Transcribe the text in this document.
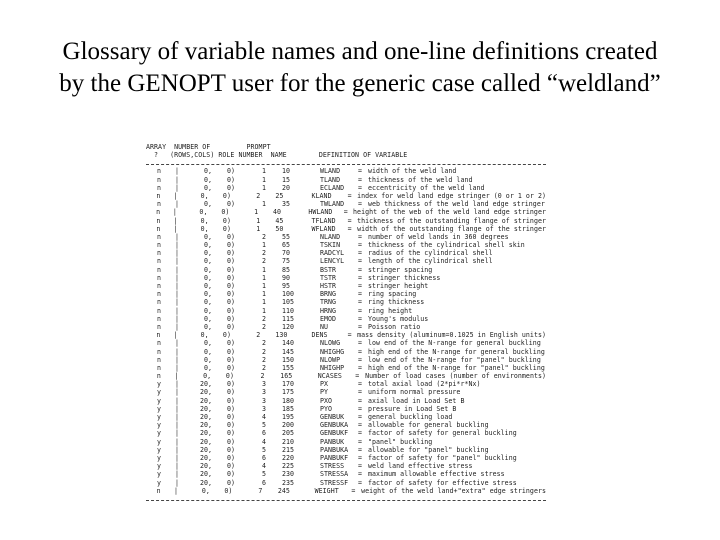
Glossary of variable names and one-line definitions created
by the GENOPT user for the generic case called “weldland”
ARRAY  NUMBER OF         PROMPT
?   (ROWS,COLS) ROLE NUMBER  NAME        DEFINITION OF VARIABLE
n	|	0,	0)	1	10	WLAND	= width of the weld land
n	|	0,	0)	1	15	TLAND	= thickness of the weld land
n	|	0,	0)	1	20	ECLAND	= eccentricity of the weld land
n	|	0,	0)	2	25	KLAND	= index for weld land edge stringer (0 or 1 or 2)
n	|	0,	0)	1	35	TWLAND	= web thickness of the weld land edge stringer
n	|	0,	0)	1	40	HWLAND	= height of the web of the weld land edge stringer
n	|	0,	0)	1	45	TFLAND	= thickness of the outstanding flange of stringer
n	|	0,	0)	1	50	WFLAND	= width of the outstanding flange of the stringer
n	|	0,	0)	2	55	NLAND	= number of weld lands in 360 degrees
n	|	0,	0)	1	65	TSKIN	= thickness of the cylindrical shell skin
n	|	0,	0)	2	70	RADCYL	= radius of the cylindrical shell
n	|	0,	0)	2	75	LENCYL	= length of the cylindrical shell
n	|	0,	0)	1	85	BSTR	= stringer spacing
n	|	0,	0)	1	90	TSTR	= stringer thickness
n	|	0,	0)	1	95	HSTR	= stringer height
n	|	0,	0)	1	100	BRNG	= ring spacing
n	|	0,	0)	1	105	TRNG	= ring thickness
n	|	0,	0)	1	110	HRNG	= ring height
n	|	0,	0)	2	115	EMOD	= Young's modulus
n	|	0,	0)	2	120	NU	= Poisson ratio
n	|	0,	0)	2	130	DENS	= mass density (aluminum=0.1025 in English units)
n	|	0,	0)	2	140	NLOWG	= low end of the N-range for general buckling
n	|	0,	0)	2	145	NHIGHG	= high end of the N-range for general buckling
n	|	0,	0)	2	150	NLOWP	= low end of the N-range for "panel" buckling
n	|	0,	0)	2	155	NHIGHP	= high end of the N-range for "panel" buckling
n	|	0,	0)	2	165	NCASES	= Number of load cases (number of environments)
y	|	20,	0)	3	170	PX	= total axial load (2*pi*r*Nx)
y	|	20,	0)	3	175	PY	= uniform normal pressure
y	|	20,	0)	3	180	PXO	= axial load in Load Set B
y	|	20,	0)	3	185	PYO	= pressure in Load Set B
y	|	20,	0)	4	195	GENBUK	= general buckling load
y	|	20,	0)	5	200	GENBUKA	= allowable for general buckling
y	|	20,	0)	6	205	GENBUKF	= factor of safety for general buckling
y	|	20,	0)	4	210	PANBUK	= "panel" buckling
y	|	20,	0)	5	215	PANBUKA	= allowable for "panel" buckling
y	|	20,	0)	6	220	PANBUKF	= factor of safety for "panel" buckling
y	|	20,	0)	4	225	STRESS	= weld land effective stress
y	|	20,	0)	5	230	STRESSA	= maximum allowable effective stress
y	|	20,	0)	6	235	STRESSF	= factor of safety for effective stress
n	|	0,	0)	7	245	WEIGHT	= weight of the weld land+"extra" edge stringers
